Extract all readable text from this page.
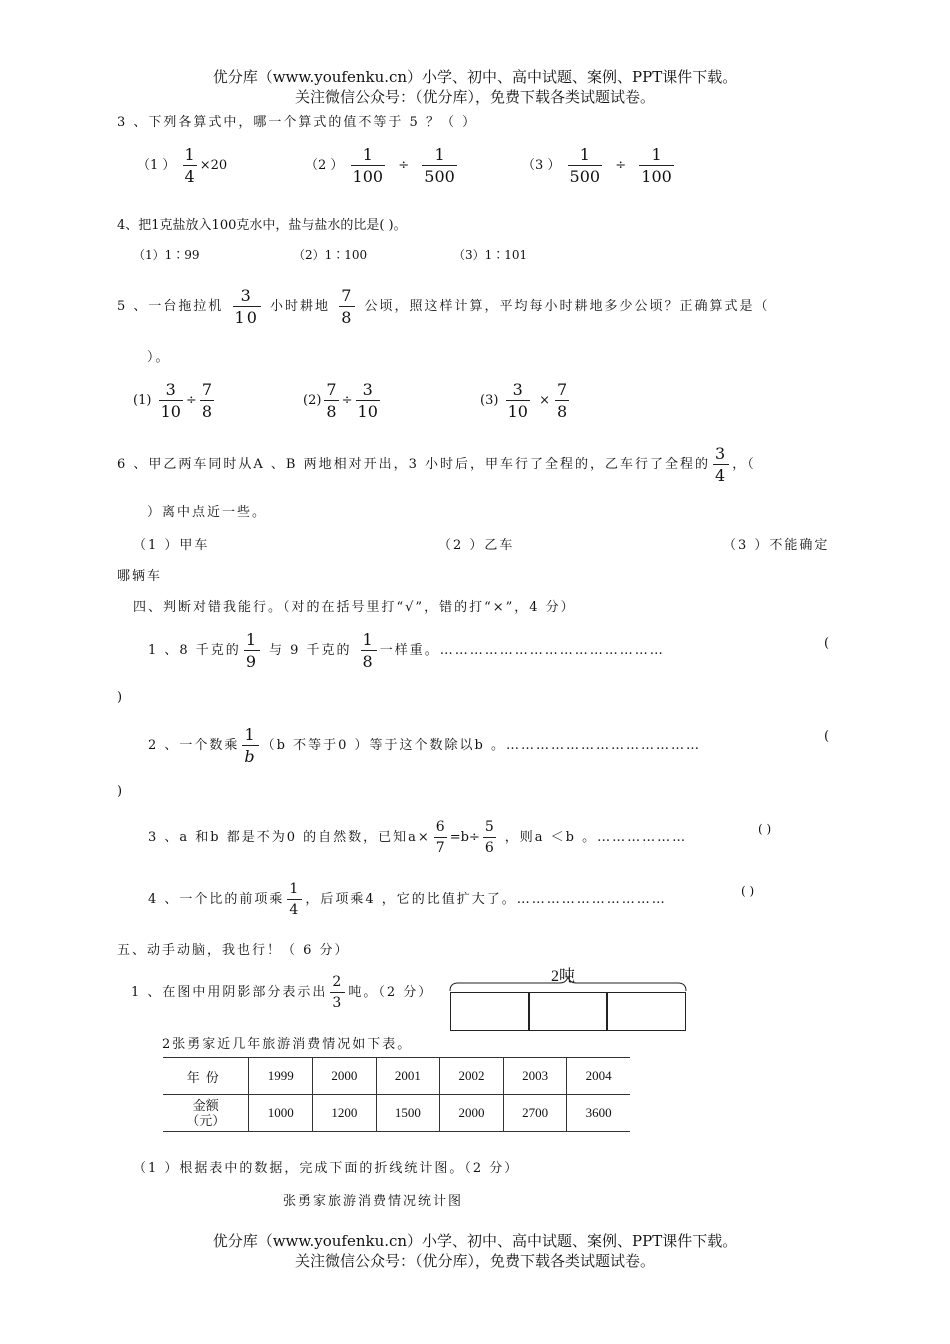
优分库（www.youfenku.cn）小学、初中、高中试题、案例、PPT课件下载。
关注微信公众号：（优分库），免费下载各类试题试卷。
3 、下列各算式中，哪一个算式的值不等于 5 ？（ ）
（1 ） $\frac{1}{4} \times 20$	（2 ） $\frac{1}{100} \div \frac{1}{500}$	（3 ） $\frac{1}{500} \div \frac{1}{100}$
4、把1克盐放入100克水中，盐与盐水的比是( )。
（1）1∶99	（2）1∶100	（3）1∶101
5 、一台拖拉机 $\frac{3}{10}$ 小时耕地 $\frac{7}{8}$ 公顷，照这样计算，平均每小时耕地多少公顷？正确算式是（
）。
$(1) \frac{3}{10} \div \frac{7}{8}$	$(2) \frac{7}{8} \div \frac{3}{10}$	$(3) \frac{3}{10} \times \frac{7}{8}$
6 、甲乙两车同时从A 、B 两地相对开出，3 小时后，甲车行了全程的，乙车行了全程的 $\frac{3}{4}$ ，（
）离中点近一些。
（1 ）甲车	（2 ）乙车	（3 ）不能确定
哪辆车
四、判断对错我能行。（对的在括号里打“√”，错的打“×”，4 分）
1 、8 千克的 $\frac{1}{9}$ 与 9 千克的 $\frac{1}{8}$ 一样重。………………………………………	(
)
2 、一个数乘 $\frac{1}{b} (b$ 不等于0 ）等于这个数除以b 。…………………………………
(
)
3 、a 和b 都是不为0 的自然数，已知$a\times \frac{6}{7} =b\div \frac{5}{6}$ ，则a ＜b 。………………
( )
4 、一个比的前项乘 $\frac{1}{4}$ ，后项乘4 ，它的比值扩大了。…………………………
( )
五、动手动脑，我也行！（ 6 分）
1 、在图中用阴影部分表示出 $\frac{2}{3}$ 吨。（2 分）
2吨
2张勇家近几年旅游消费情况如下表。
年份	1999	2000	2001	2002	2003	2004

金额
（元）	1000	1200	1500	2000	2700	3600
（1 ）根据表中的数据，完成下面的折线统计图。（2 分）
张勇家旅游消费情况统计图
优分库（www.youfenku.cn）小学、初中、高中试题、案例、PPT课件下载。
关注微信公众号：（优分库），免费下载各类试题试卷。
